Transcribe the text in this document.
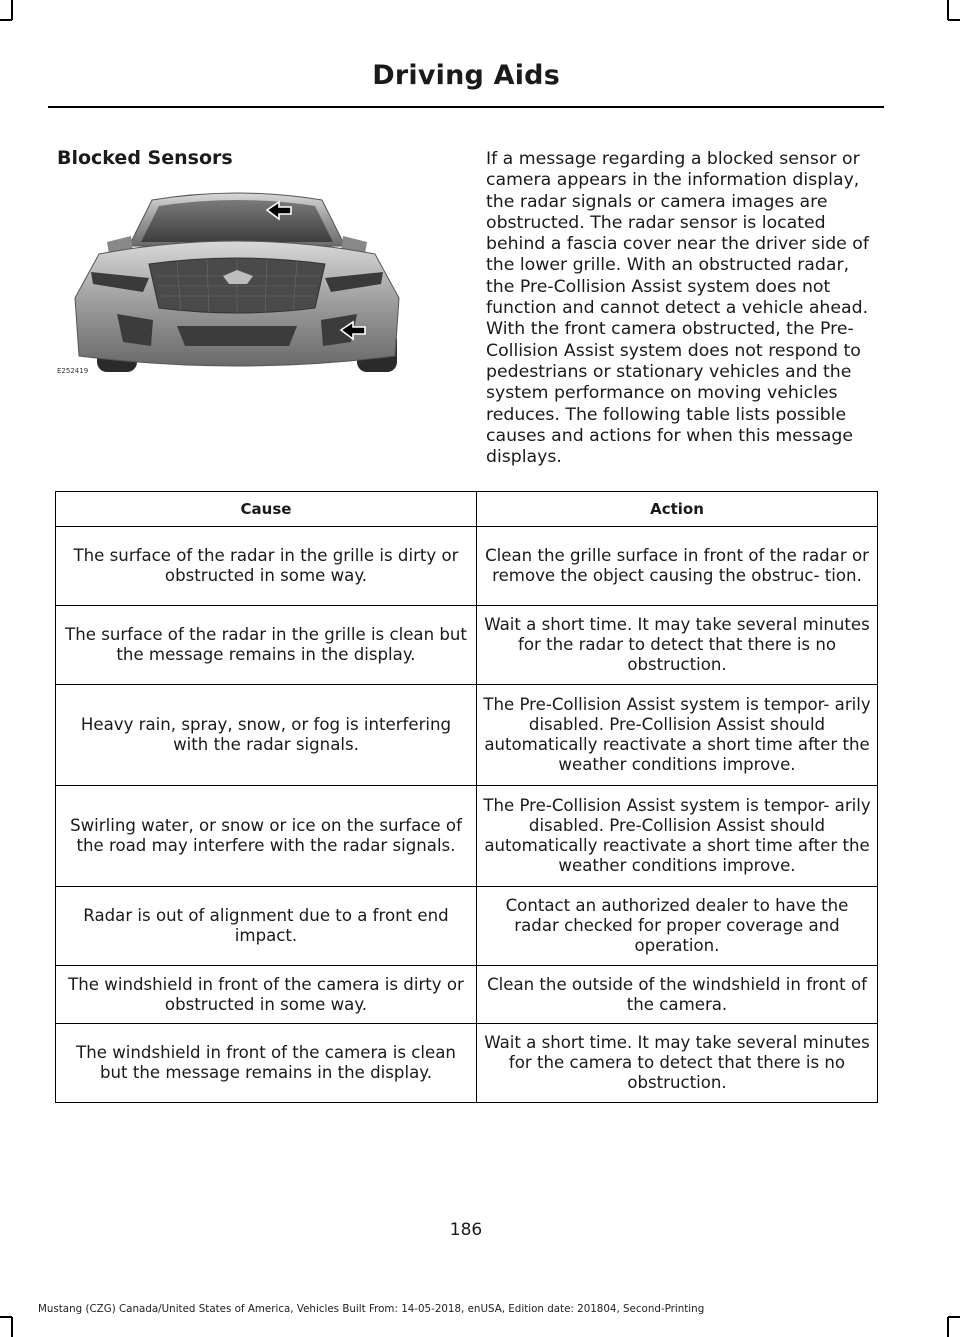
Driving Aids
Blocked Sensors
E252419

If a message regarding a blocked sensor or camera appears in the information display, the radar signals or camera images are obstructed. The radar sensor is located behind a fascia cover near the driver side of the lower grille. With an obstructed radar, the Pre-Collision Assist system does not function and cannot detect a vehicle ahead. With the front camera obstructed, the Pre-Collision Assist system does not respond to pedestrians or stationary vehicles and the system performance on moving vehicles reduces. The following table lists possible causes and actions for when this message displays.

Cause	Action
The surface of the radar in the grille is dirty or obstructed in some way.	Clean the grille surface in front of the radar or remove the object causing the obstruc- tion.
The surface of the radar in the grille is clean but the message remains in the display.	Wait a short time. It may take several minutes for the radar to detect that there is no obstruction.
Heavy rain, spray, snow, or fog is interfering with the radar signals.	The Pre-Collision Assist system is tempor- arily disabled. Pre-Collision Assist should automatically reactivate a short time after the weather conditions improve.
Swirling water, or snow or ice on the surface of the road may interfere with the radar signals.	The Pre-Collision Assist system is tempor- arily disabled. Pre-Collision Assist should automatically reactivate a short time after the weather conditions improve.
Radar is out of alignment due to a front end impact.	Contact an authorized dealer to have the radar checked for proper coverage and operation.
The windshield in front of the camera is dirty or obstructed in some way.	Clean the outside of the windshield in front of the camera.
The windshield in front of the camera is clean but the message remains in the display.	Wait a short time. It may take several minutes for the camera to detect that there is no obstruction.
186
Mustang (CZG) Canada/United States of America, Vehicles Built From: 14-05-2018, enUSA, Edition date: 201804, Second-Printing
